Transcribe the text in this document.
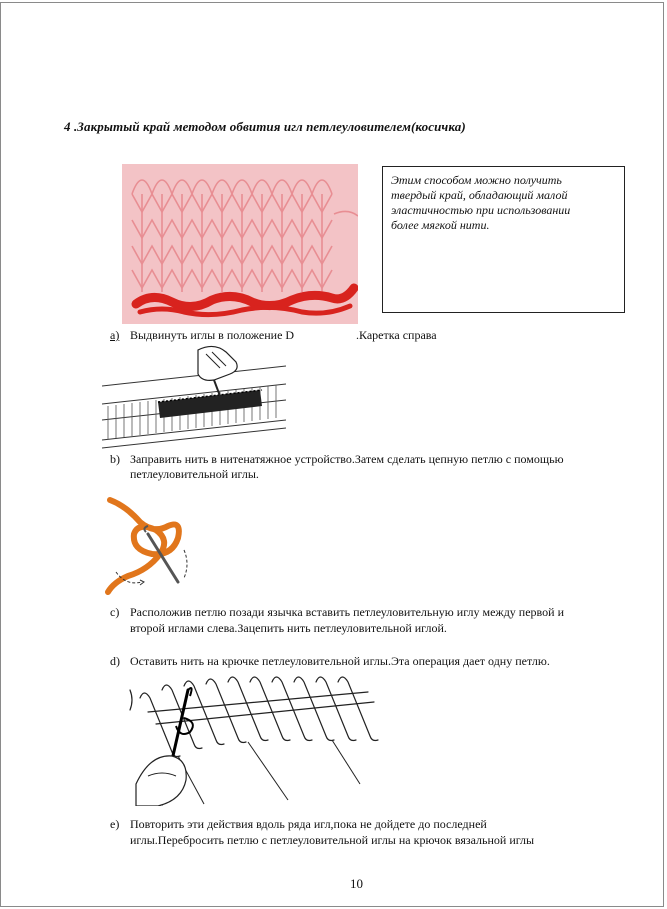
4 .Закрытый край методом обвития игл петлеуловителем(косичка)
Этим способом можно получить
твердый край, обладающий малой
эластичностью при использовании
более мягкой нити.
а) Выдвинуть иглы в положение D	.Каретка справа
b) Заправить нить в нитенатяжное устройство.Затем сделать цепную петлю с помощью
петлеуловительной иглы.
c) Расположив петлю позади язычка вставить петлеуловительную иглу между первой и
второй иглами слева.Зацепить нить петлеуловительной иглой.
d) Оставить нить на крючке петлеуловительной иглы.Эта операция дает одну петлю.
e) Повторить эти действия вдоль ряда игл,пока не дойдете до последней
иглы.Перебросить петлю с петлеуловительной иглы на крючок вязальной иглы
10
